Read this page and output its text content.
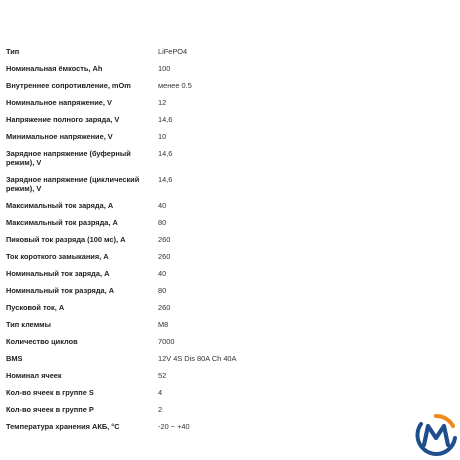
Тип	LiFePO4
Номинальная ёмкость, Ah	100
Внутреннее сопротивление, mOm	менее 0.5
Номинальное напряжение, V	12
Напряжение полного заряда, V	14,6
Минимальное напряжение, V	10
Зарядное напряжение (буферный режим), V	14,6
Зарядное напряжение (циклический режим), V	14,6
Максимальный ток заряда, A	40
Максимальный ток разряда, A	80
Пиковый ток разряда (100 мс), A	260
Ток короткого замыкания, A	260
Номинальный ток заряда, A	40
Номинальный ток разряда, A	80
Пусковой ток, A	260
Тип клеммы	M8
Количество циклов	7000
BMS	12V 4S Dis 80A Ch 40A
Номинал ячеек	52
Кол-во ячеек в группе S	4
Кол-во ячеек в группе P	2
Температура хранения АКБ, °C	-20 ~ +40
